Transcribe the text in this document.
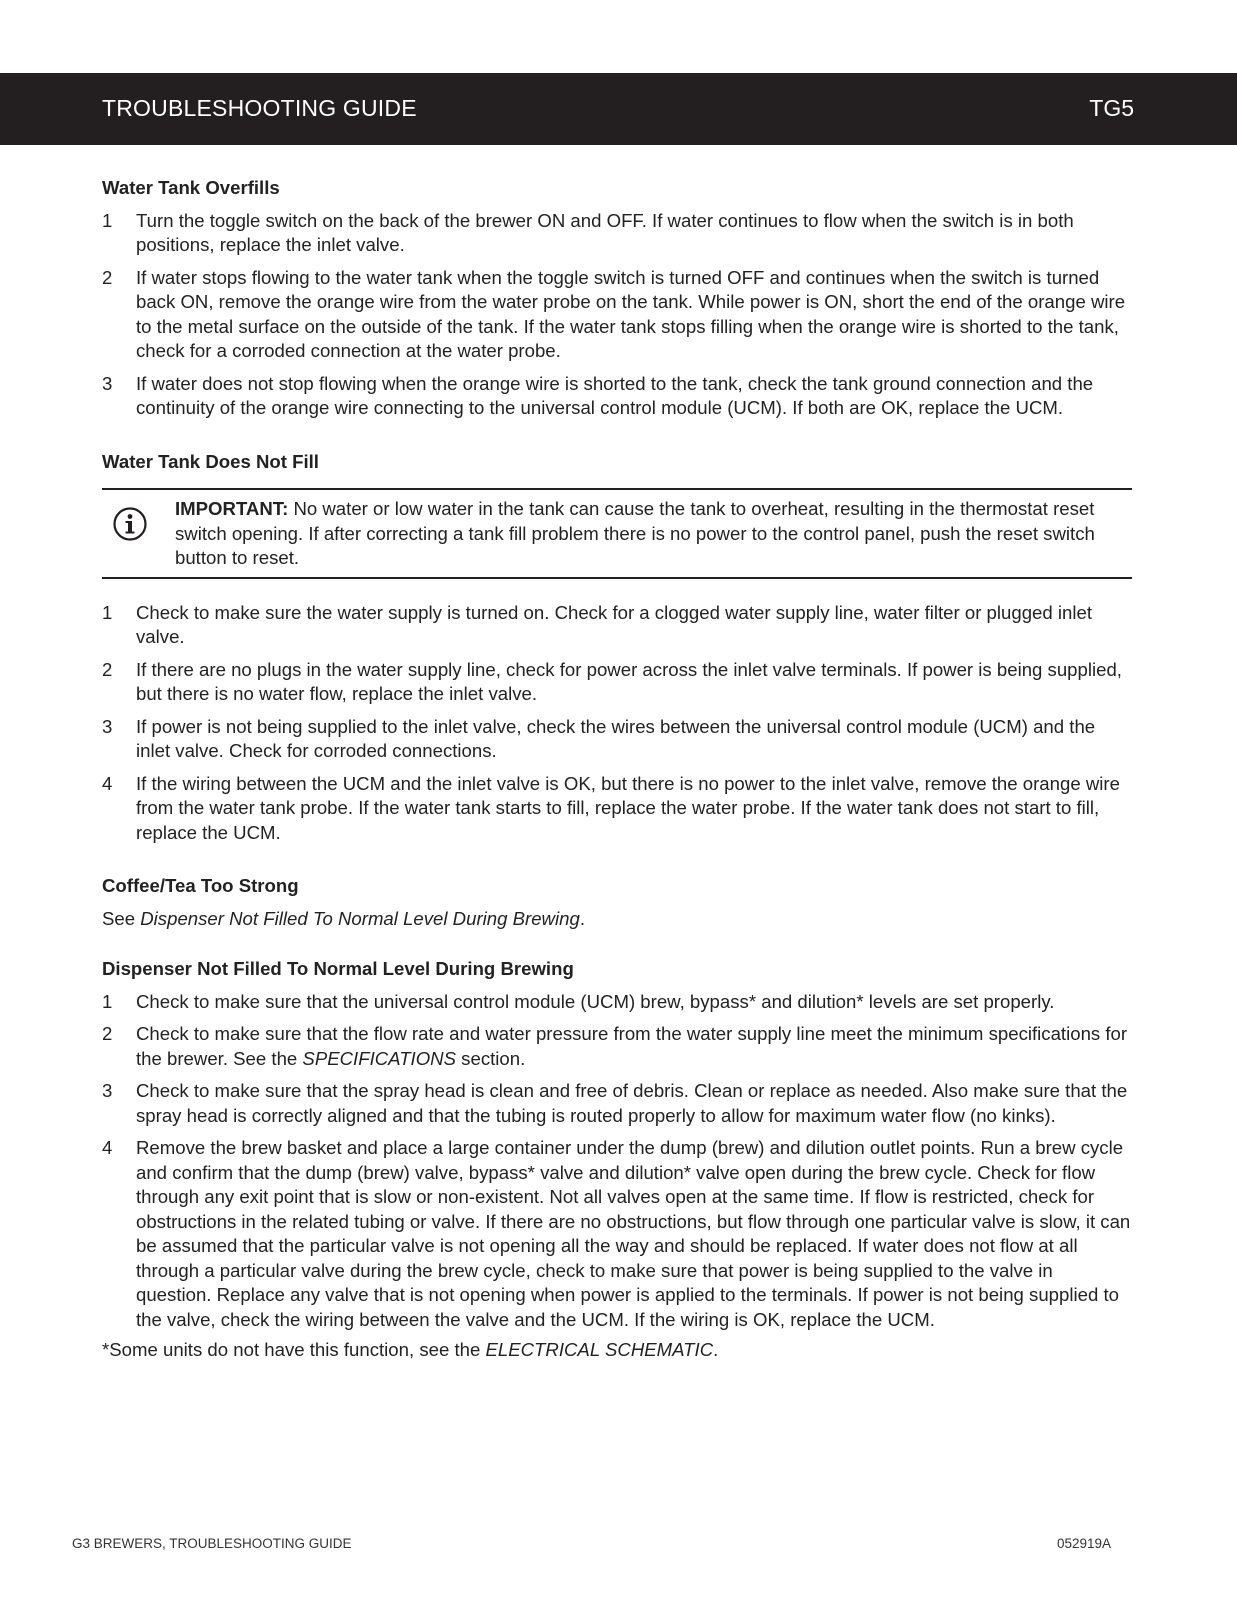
TROUBLESHOOTING GUIDE	TG5
Water Tank Overfills
1 Turn the toggle switch on the back of the brewer ON and OFF. If water continues to flow when the switch is in both positions, replace the inlet valve.
2 If water stops flowing to the water tank when the toggle switch is turned OFF and continues when the switch is turned back ON, remove the orange wire from the water probe on the tank. While power is ON, short the end of the orange wire to the metal surface on the outside of the tank. If the water tank stops filling when the orange wire is shorted to the tank, check for a corroded connection at the water probe.
3 If water does not stop flowing when the orange wire is shorted to the tank, check the tank ground connection and the continuity of the orange wire connecting to the universal control module (UCM). If both are OK, replace the UCM.
Water Tank Does Not Fill
IMPORTANT: No water or low water in the tank can cause the tank to overheat, resulting in the thermostat reset switch opening. If after correcting a tank fill problem there is no power to the control panel, push the reset switch button to reset.
1 Check to make sure the water supply is turned on. Check for a clogged water supply line, water filter or plugged inlet valve.
2 If there are no plugs in the water supply line, check for power across the inlet valve terminals. If power is being supplied, but there is no water flow, replace the inlet valve.
3 If power is not being supplied to the inlet valve, check the wires between the universal control module (UCM) and the inlet valve. Check for corroded connections.
4 If the wiring between the UCM and the inlet valve is OK, but there is no power to the inlet valve, remove the orange wire from the water tank probe. If the water tank starts to fill, replace the water probe. If the water tank does not start to fill, replace the UCM.
Coffee/Tea Too Strong

See Dispenser Not Filled To Normal Level During Brewing.

Dispenser Not Filled To Normal Level During Brewing
1 Check to make sure that the universal control module (UCM) brew, bypass* and dilution* levels are set properly.
2 Check to make sure that the flow rate and water pressure from the water supply line meet the minimum specifications for the brewer. See the SPECIFICATIONS section.
3 Check to make sure that the spray head is clean and free of debris. Clean or replace as needed. Also make sure that the spray head is correctly aligned and that the tubing is routed properly to allow for maximum water flow (no kinks).
4 Remove the brew basket and place a large container under the dump (brew) and dilution outlet points. Run a brew cycle and confirm that the dump (brew) valve, bypass* valve and dilution* valve open during the brew cycle. Check for flow through any exit point that is slow or non-existent. Not all valves open at the same time. If flow is restricted, check for obstructions in the related tubing or valve. If there are no obstructions, but flow through one particular valve is slow, it can be assumed that the particular valve is not opening all the way and should be replaced. If water does not flow at all through a particular valve during the brew cycle, check to make sure that power is being supplied to the valve in question. Replace any valve that is not opening when power is applied to the terminals. If power is not being supplied to the valve, check the wiring between the valve and the UCM. If the wiring is OK, replace the UCM.

*Some units do not have this function, see the ELECTRICAL SCHEMATIC.

G3 BREWERS, TROUBLESHOOTING GUIDE	052919A
